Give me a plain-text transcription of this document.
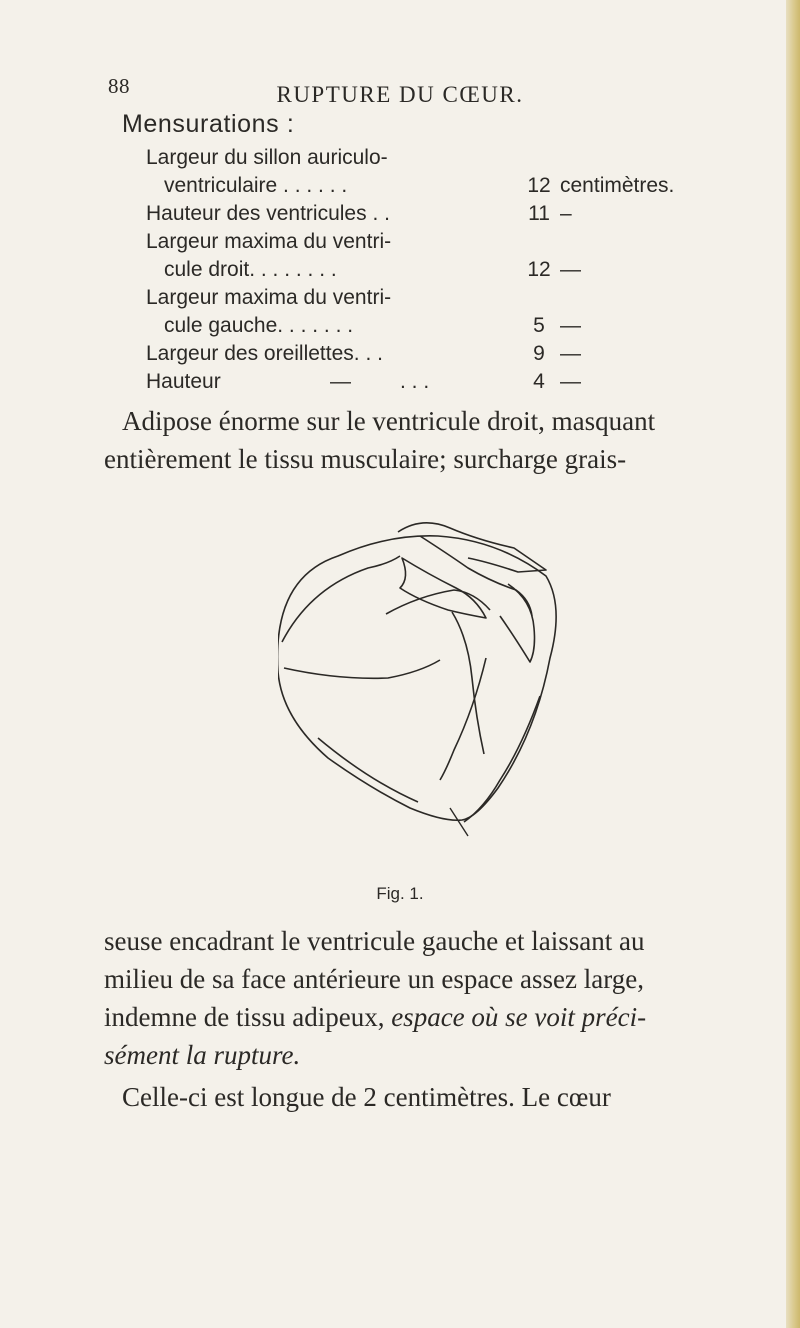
88	RUPTURE DU CŒUR.
Mensurations :
Largeur du sillon auriculo-
ventriculaire . . . . . .	12 centimètres.
Hauteur des ventricules . .	11 –
Largeur maxima du ventri-
cule droit. . . . . . . .	12 —
Largeur maxima du ventri-
cule gauche. . . . . . .	5 —
Largeur des oreillettes. . .	9 —
Hauteur	— . . .	4 —

Adipose énorme sur le ventricule droit, masquant
entièrement le tissu musculaire; surcharge grais-

Fig. 1.

seuse encadrant le ventricule gauche et laissant au
milieu de sa face antérieure un espace assez large,
indemne de tissu adipeux, espace où se voit préci-
sément la rupture.

Celle-ci est longue de 2 centimètres. Le cœur
